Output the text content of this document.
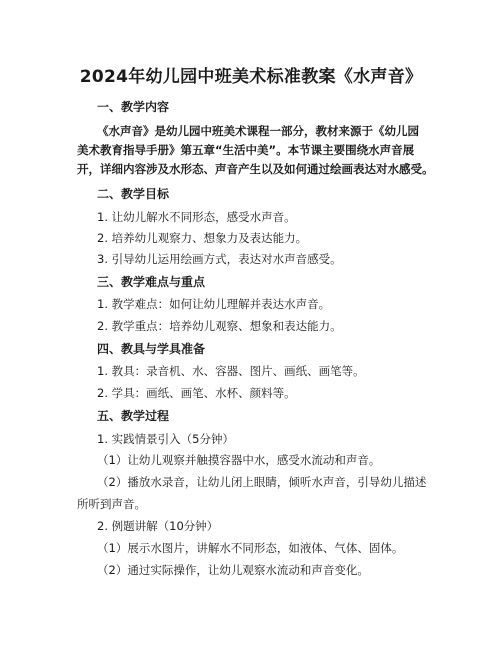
2024年幼儿园中班美术标准教案《水声音》
一、教学内容
《水声音》是幼儿园中班美术课程一部分，教材来源于《幼儿园
美术教育指导手册》第五章“生活中美”。本节课主要围绕水声音展
开，详细内容涉及水形态、声音产生以及如何通过绘画表达对水感受。
二、教学目标
1. 让幼儿解水不同形态，感受水声音。
2. 培养幼儿观察力、想象力及表达能力。
3. 引导幼儿运用绘画方式，表达对水声音感受。
三、教学难点与重点
1. 教学难点：如何让幼儿理解并表达水声音。
2. 教学重点：培养幼儿观察、想象和表达能力。
四、教具与学具准备
1. 教具：录音机、水、容器、图片、画纸、画笔等。
2. 学具：画纸、画笔、水杯、颜料等。
五、教学过程
1. 实践情景引入（5分钟）
（1）让幼儿观察并触摸容器中水，感受水流动和声音。
（2）播放水录音，让幼儿闭上眼睛，倾听水声音，引导幼儿描述
所听到声音。
2. 例题讲解（10分钟）
（1）展示水图片，讲解水不同形态，如液体、气体、固体。
（2）通过实际操作，让幼儿观察水流动和声音变化。
